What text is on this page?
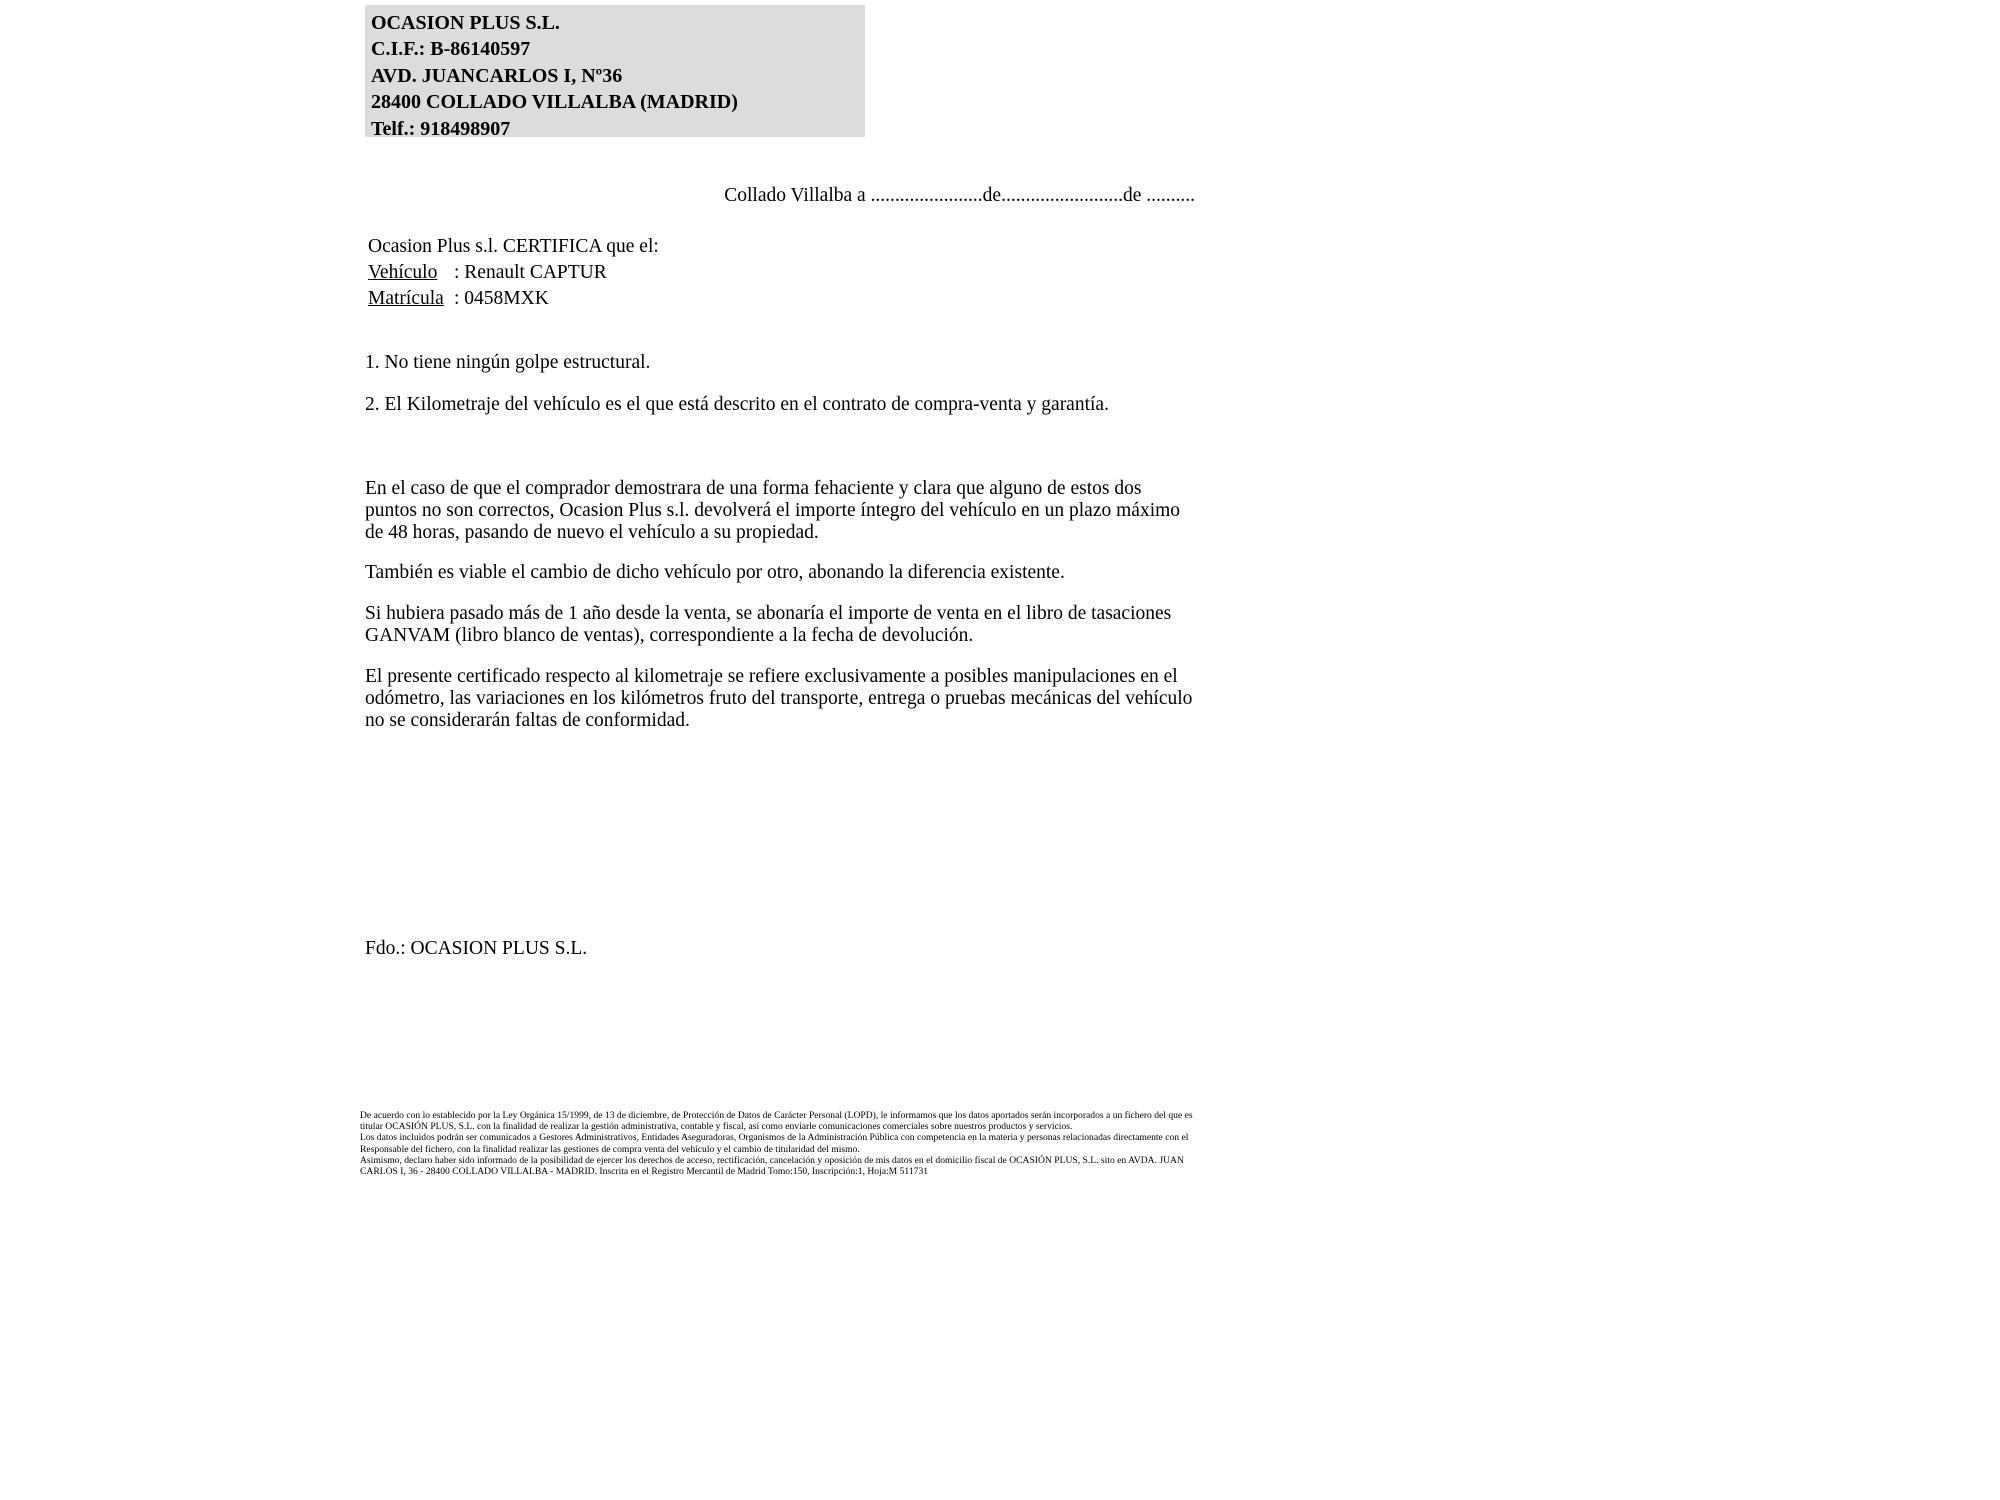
OCASION PLUS S.L.
C.I.F.: B-86140597
AVD. JUANCARLOS I, Nº36
28400 COLLADO VILLALBA (MADRID)
Telf.: 918498907
Collado Villalba a .......................de.........................de ..........
Ocasion Plus s.l. CERTIFICA que el:
Vehículo : Renault CAPTUR
Matrícula : 0458MXK
1. No tiene ningún golpe estructural.
2. El Kilometraje del vehículo es el que está descrito en el contrato de compra-venta y garantía.
En el caso de que el comprador demostrara de una forma fehaciente y clara que alguno de estos dos puntos no son correctos, Ocasion Plus s.l. devolverá el importe íntegro del vehículo en un plazo máximo de 48 horas, pasando de nuevo el vehículo a su propiedad.
También es viable el cambio de dicho vehículo por otro, abonando la diferencia existente.
Si hubiera pasado más de 1 año desde la venta, se abonaría el importe de venta en el libro de tasaciones GANVAM (libro blanco de ventas), correspondiente a la fecha de devolución.
El presente certificado respecto al kilometraje se refiere exclusivamente a posibles manipulaciones en el odómetro, las variaciones en los kilómetros fruto del transporte, entrega o pruebas mecánicas del vehículo no se considerarán faltas de conformidad.
Fdo.: OCASION PLUS S.L.
De acuerdo con lo establecido por la Ley Orgánica 15/1999, de 13 de diciembre, de Protección de Datos de Carácter Personal (LOPD), le informamos que los datos aportados serán incorporados a un fichero del que es titular OCASIÓN PLUS, S.L. con la finalidad de realizar la gestión administrativa, contable y fiscal, así como enviarle comunicaciones comerciales sobre nuestros productos y servicios.
Los datos incluidos podrán ser comunicados a Gestores Administrativos, Entidades Aseguradoras, Organismos de la Administración Pública con competencia en la materia y personas relacionadas directamente con el Responsable del fichero, con la finalidad realizar las gestiones de compra venta del vehículo y el cambio de titularidad del mismo.
Asimismo, declaro haber sido informado de la posibilidad de ejercer los derechos de acceso, rectificación, cancelación y oposición de mis datos en el domicilio fiscal de OCASIÓN PLUS, S.L. sito en AVDA. JUAN CARLOS I, 36 - 28400 COLLADO VILLALBA - MADRID. Inscrita en el Registro Mercantil de Madrid Tomo:150, Inscripción:1, Hoja:M 511731
